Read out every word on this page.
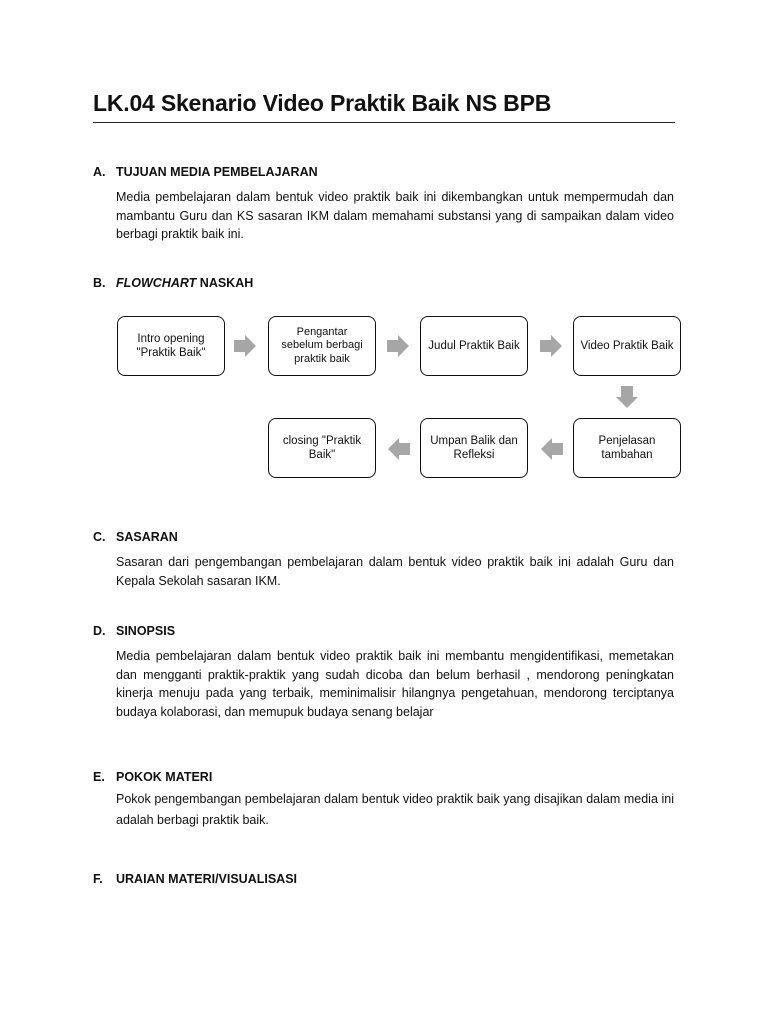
LK.04 Skenario Video Praktik Baik NS BPB
A. TUJUAN MEDIA PEMBELAJARAN
Media pembelajaran dalam bentuk video praktik baik ini dikembangkan untuk mempermudah dan mambantu Guru dan KS sasaran IKM dalam memahami substansi yang di sampaikan dalam video berbagi praktik baik ini.
B. FLOWCHART NASKAH
Intro opening "Praktik Baik"
Pengantar sebelum berbagi praktik baik
Judul Praktik Baik	Video Praktik Baik
Penjelasan tambahan
Umpan Balik dan Refleksi
closing "Praktik Baik"
C. SASARAN
Sasaran dari pengembangan pembelajaran dalam bentuk video praktik baik ini adalah Guru dan Kepala Sekolah sasaran IKM.
D. SINOPSIS
Media pembelajaran dalam bentuk video praktik baik ini membantu mengidentifikasi, memetakan dan mengganti praktik-praktik yang sudah dicoba dan belum berhasil , mendorong peningkatan kinerja menuju pada yang terbaik, meminimalisir hilangnya pengetahuan, mendorong terciptanya budaya kolaborasi, dan memupuk budaya senang belajar
E. POKOK MATERI
Pokok pengembangan pembelajaran dalam bentuk video praktik baik yang disajikan dalam media ini adalah berbagi praktik baik.
F. URAIAN MATERI/VISUALISASI
